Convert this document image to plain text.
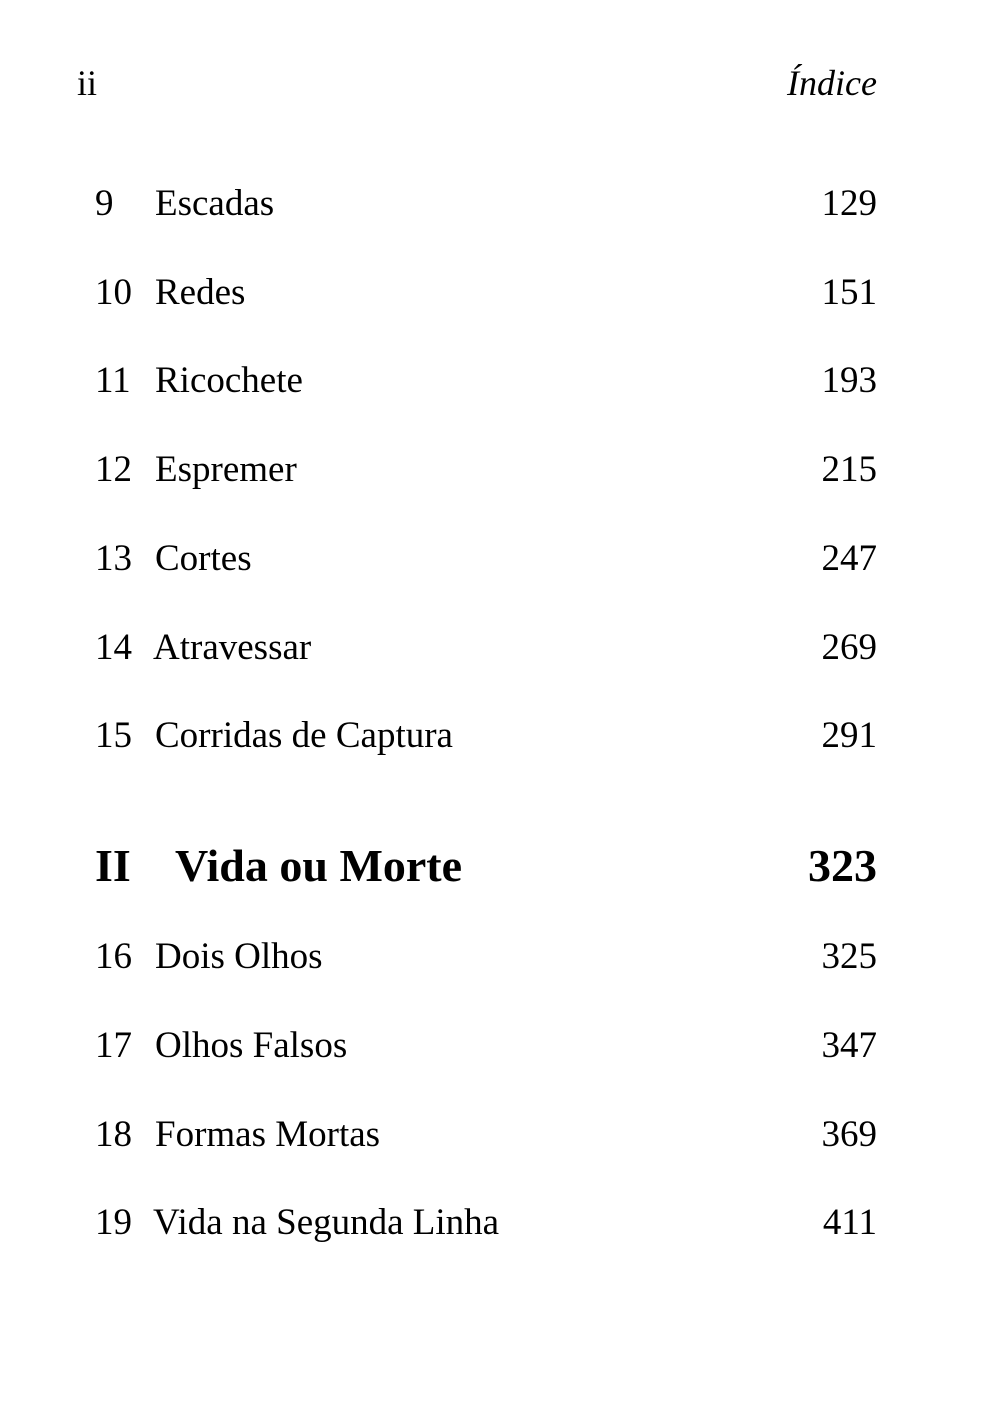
ii	Índice
9 Escadas	129
10 Redes	151
11 Ricochete	193
12 Espremer	215
13 Cortes	247
14 Atravessar	269
15 Corridas de Captura	291
II Vida ou Morte	323
16 Dois Olhos	325
17 Olhos Falsos	347
18 Formas Mortas	369
19 Vida na Segunda Linha	411
